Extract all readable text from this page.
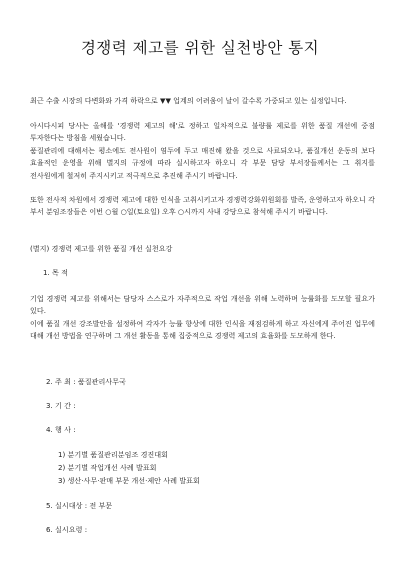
경쟁력 제고를 위한 실천방안 통지
최근 수출 시장의 다변화와 가격 하락으로 ▼▼ 업계의 어려움이 날이 갈수록 가중되고 있는 실정입니다.
아시다시피 당사는 올해를 '경쟁력 제고의 해'로 정하고 일차적으로 불량률 제로를 위한 품질 개선에 중점 투자한다는 방침을 세웠습니다.
품질관리에 대해서는 평소에도 전사원이 염두에 두고 매진해 왔을 것으로 사료되오나, 품질개선 운동의 보다 효율적인 운영을 위해 별지의 규정에 따라 실시하고자 하오니 각 부문 담당 부서장들께서는 그 취지를 전사원에게 철저히 주지시키고 적극적으로 추진해 주시기 바랍니다.
또한 전사적 차원에서 경쟁력 제고에 대한 인식을 고취시키고자 경쟁력강화위원회를 발족, 운영하고자 하오니 각 부서 분임조장들은 이번 ○월 ○일(토요일) 오후 ○시까지 사내 강당으로 참석해 주시기 바랍니다.
(별지) 경쟁력 제고를 위한 품질 개선 실천요강
1. 목 적
기업 경쟁력 제고를 위해서는 담당자 스스로가 자주적으로 작업 개선을 위해 노력하며 능률화를 도모할 필요가 있다.
이에 품질 개선 강조발안을 설정하여 각자가 능률 향상에 대한 인식을 재점검하게 하고 자신에게 주어진 업무에 대해 개선 방법을 연구하며 그 개선 활동을 통해 집중적으로 경쟁력 제고의 효율화를 도모하게 한다.
2. 주 최 : 품질관리사무국
3. 기 간 :
4. 행 사 :
1) 분기별 품질관리분임조 경진대회
2) 분기별 작업개선 사례 발표회
3) 생산·사무·판매 부문 개선·제안 사례 발표회
5. 실시대상 : 전 부문
6. 실시요령 :
